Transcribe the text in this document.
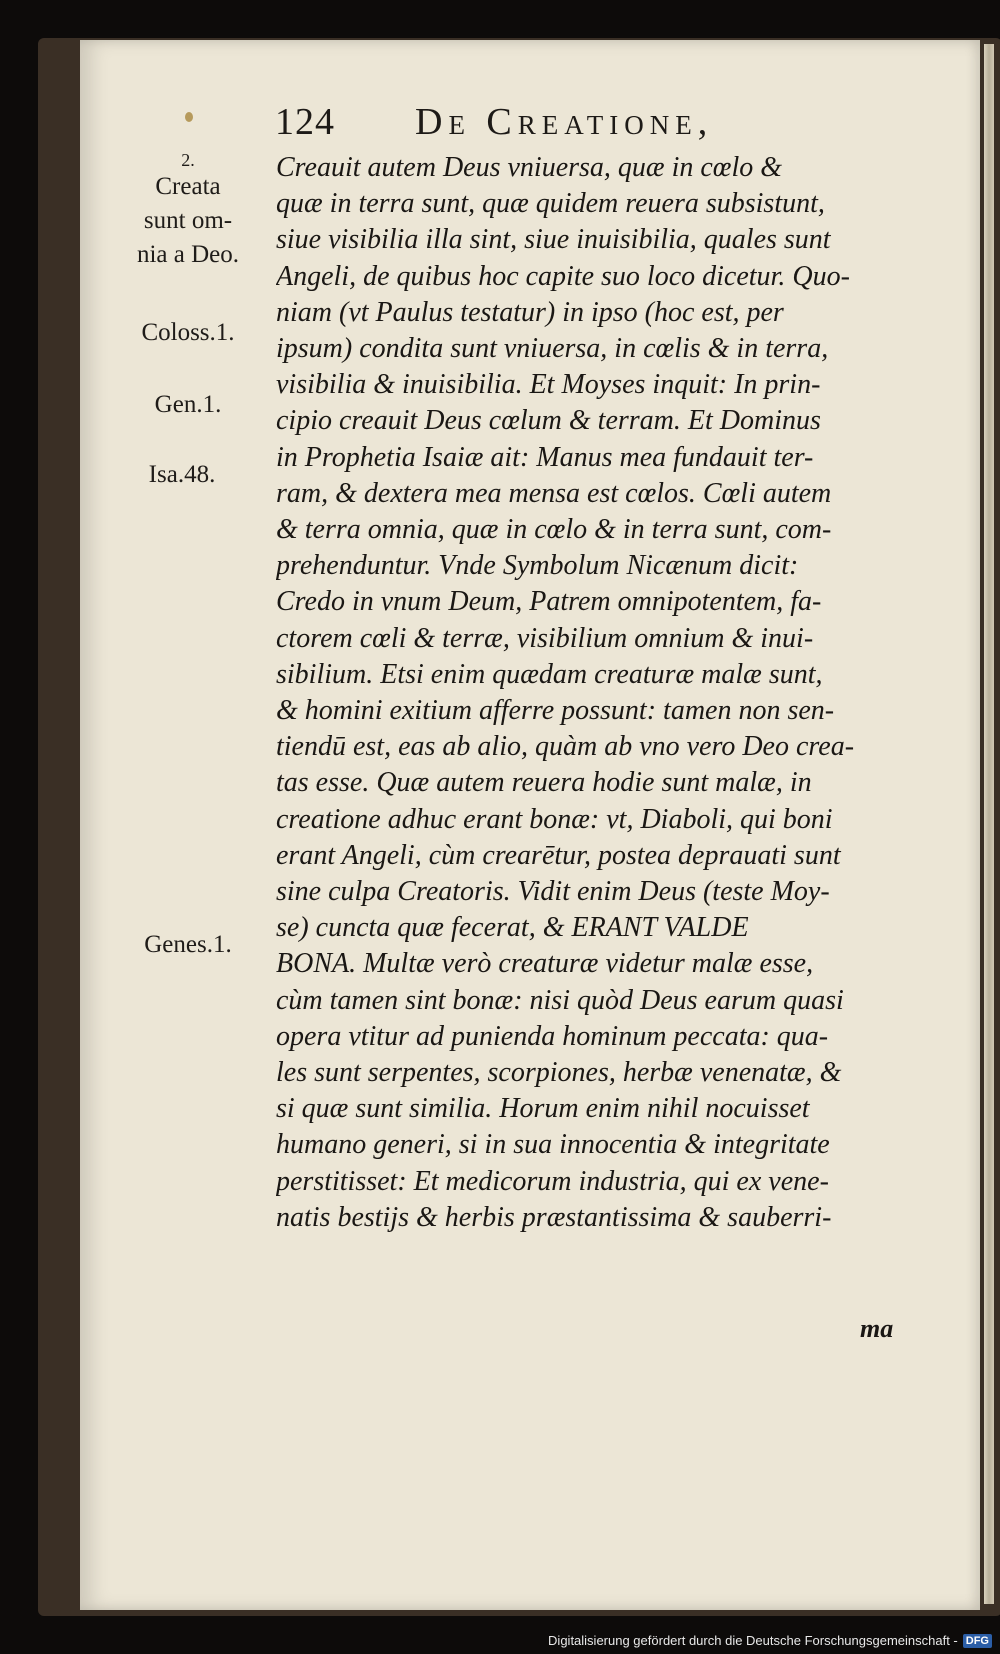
124 De Creatione,
2.
Creata
sunt om-
nia a Deo.
Coloss.1.
Gen.1.
Isa.48.
Genes.1.
Creauit autem Deus vniuersa, quæ in cœlo &
quæ in terra sunt, quæ quidem reuera subsistunt,
siue visibilia illa sint, siue inuisibilia, quales sunt
Angeli, de quibus hoc capite suo loco dicetur. Quo-
niam (vt Paulus testatur) in ipso (hoc est, per
ipsum) condita sunt vniuersa, in cœlis & in terra,
visibilia & inuisibilia. Et Moyses inquit: In prin-
cipio creauit Deus cœlum & terram. Et Dominus
in Prophetia Isaiæ ait: Manus mea fundauit ter-
ram, & dextera mea mensa est cœlos. Cœli autem
& terra omnia, quæ in cœlo & in terra sunt, com-
prehenduntur. Vnde Symbolum Nicænum dicit:
Credo in vnum Deum, Patrem omnipotentem, fa-
ctorem cœli & terræ, visibilium omnium & inui-
sibilium. Etsi enim quædam creaturæ malæ sunt,
& homini exitium afferre possunt: tamen non sen-
tiendū est, eas ab alio, quàm ab vno vero Deo crea-
tas esse. Quæ autem reuera hodie sunt malæ, in
creatione adhuc erant bonæ: vt, Diaboli, qui boni
erant Angeli, cùm crearētur, postea deprauati sunt
sine culpa Creatoris. Vidit enim Deus (teste Moy-
se) cuncta quæ fecerat, & ERANT VALDE
BONA. Multæ verò creaturæ videtur malæ esse,
cùm tamen sint bonæ: nisi quòd Deus earum quasi
opera vtitur ad punienda hominum peccata: qua-
les sunt serpentes, scorpiones, herbæ venenatæ, &
si quæ sunt similia. Horum enim nihil nocuisset
humano generi, si in sua innocentia & integritate
perstitisset: Et medicorum industria, qui ex vene-
natis bestijs & herbis præstantissima & sauberri-
ma
Digitalisierung gefördert durch die Deutsche Forschungsgemeinschaft - DFG
